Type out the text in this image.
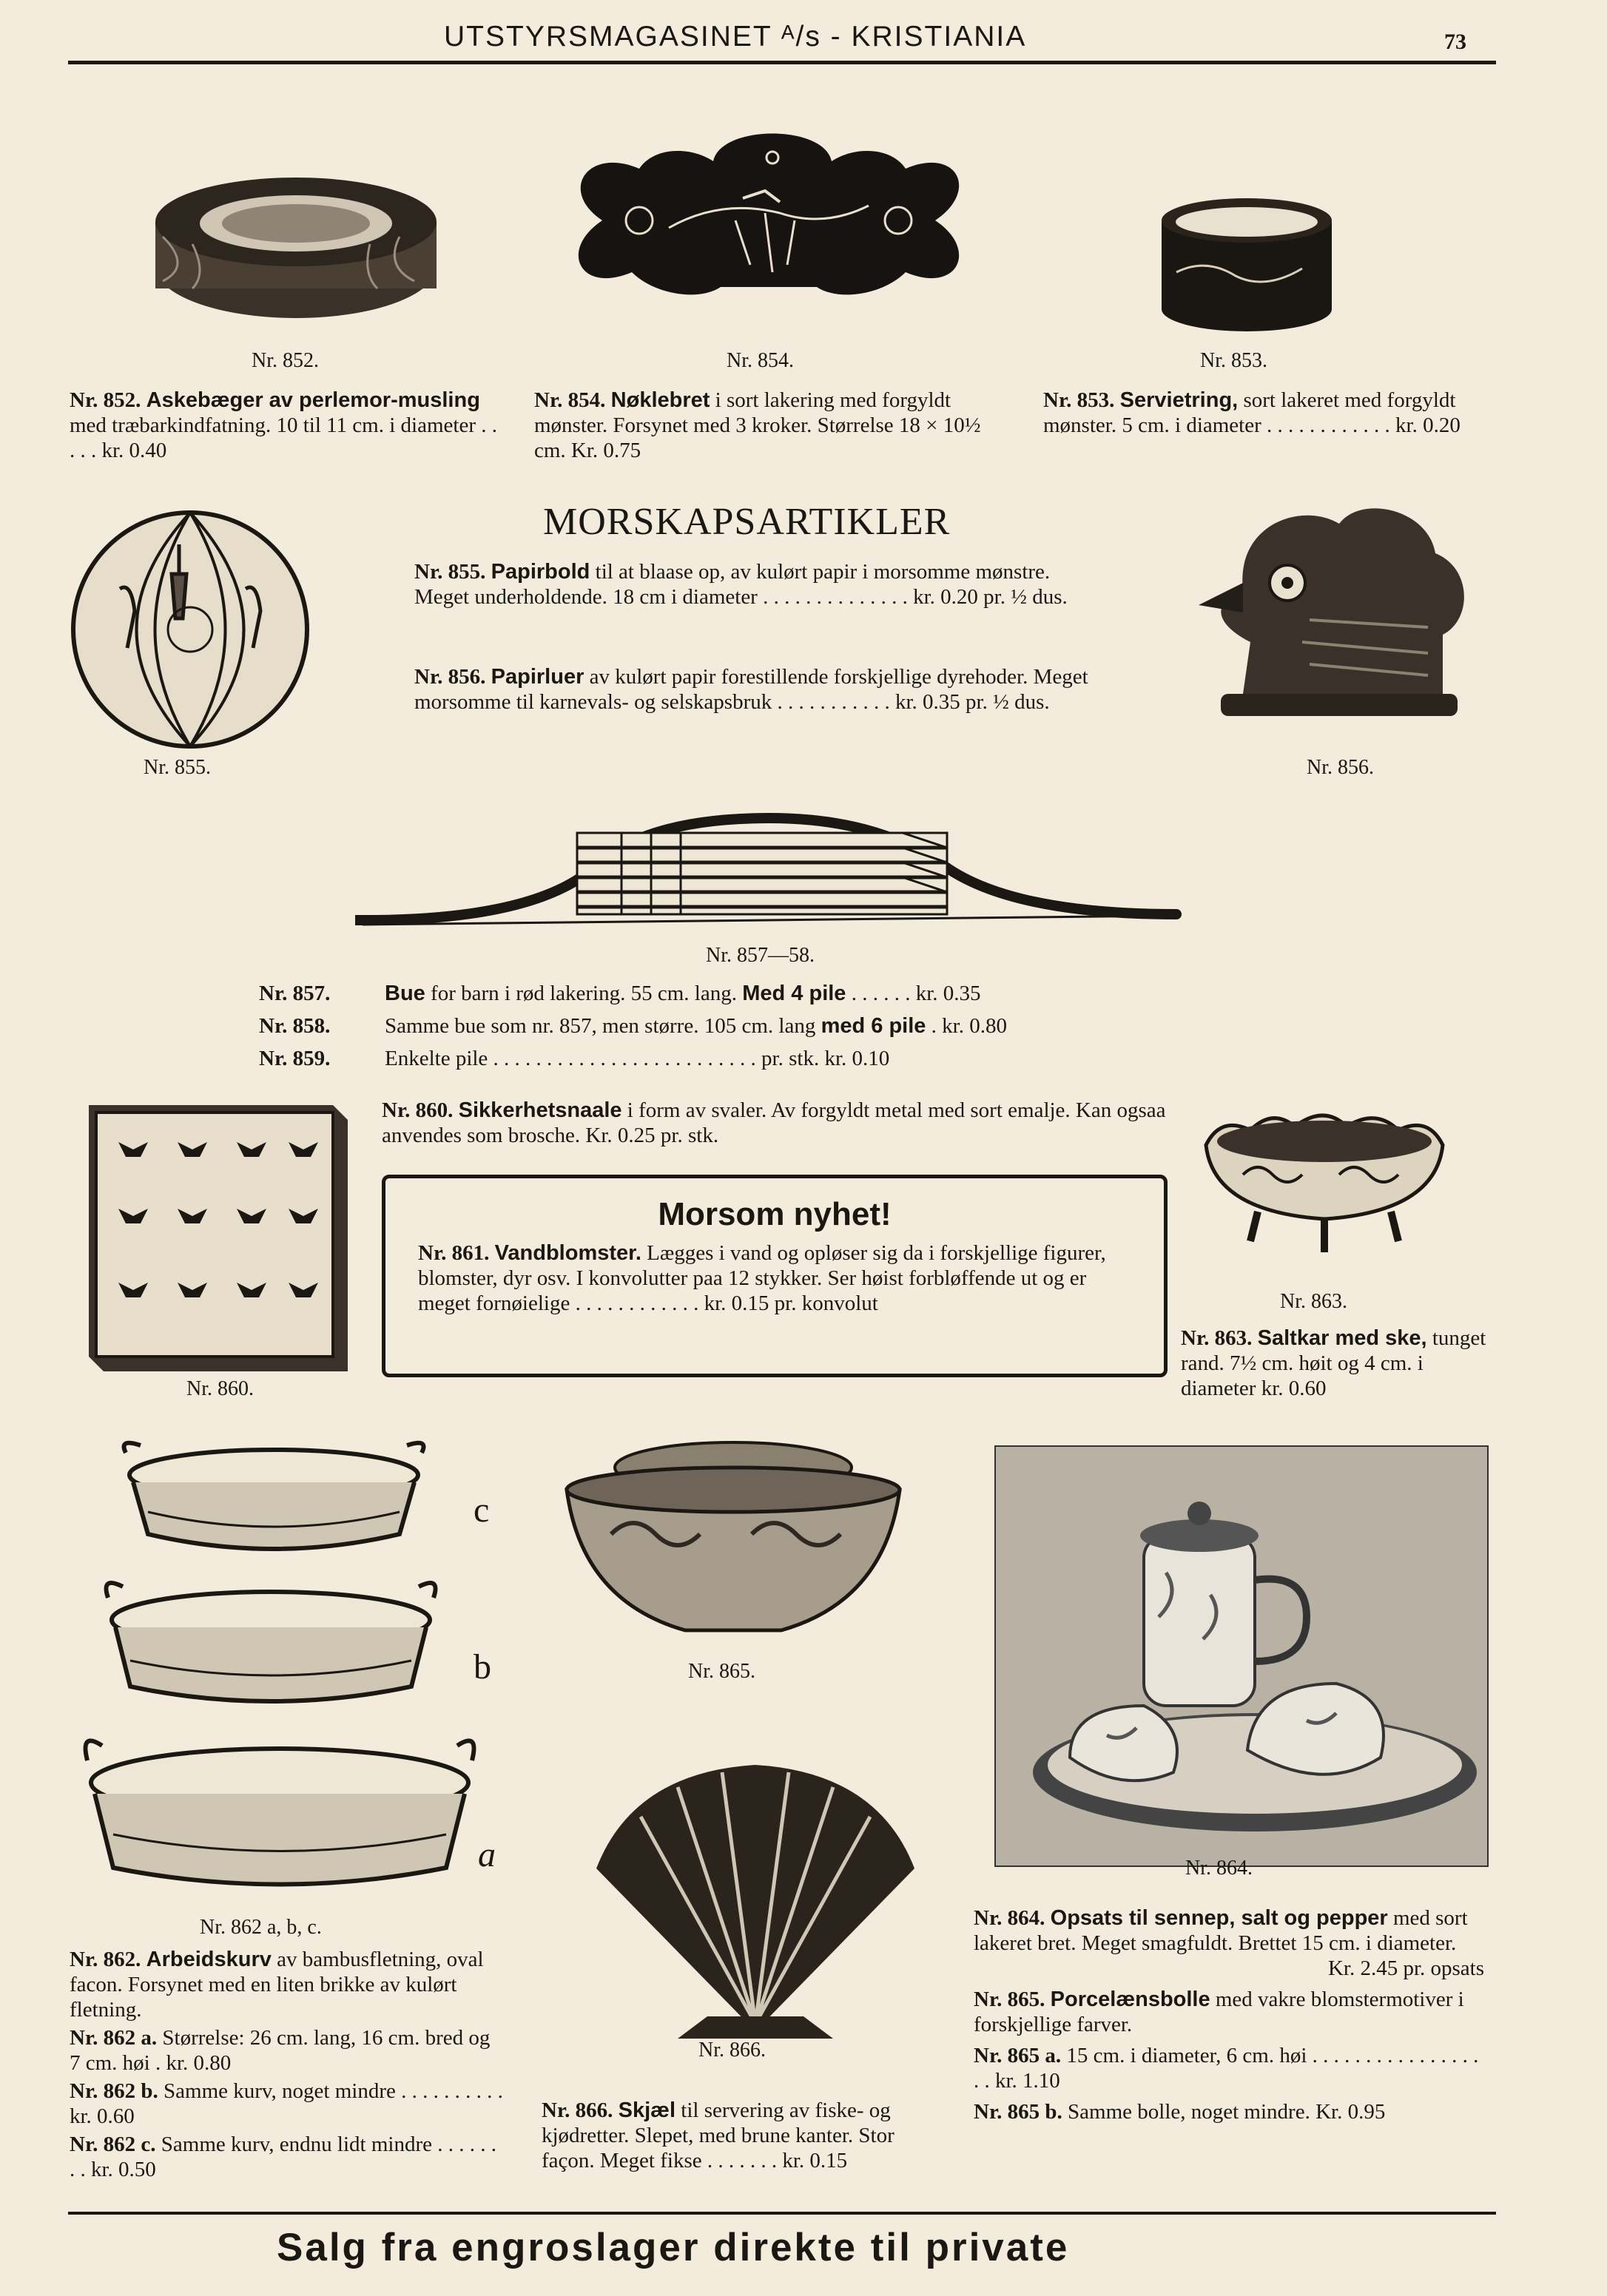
UTSTYRSMAGASINET ᴬ/s - KRISTIANIA	73
Nr. 852.	Nr. 854.	Nr. 853.
Nr. 852. Askebæger av perlemor-musling med træbarkindfatning. 10 til 11 cm. i diameter . . . . . kr. 0.40
Nr. 854. Nøklebret i sort lakering med forgyldt mønster. Forsynet med 3 kroker. Størrelse 18 × 10½ cm. Kr. 0.75
Nr. 853. Servietring, sort lakeret med forgyldt mønster. 5 cm. i diameter . . . . . . . . . . . . kr. 0.20
MORSKAPSARTIKLER
Nr. 855.
Nr. 855. Papirbold til at blaase op, av kulørt papir i morsomme mønstre. Meget underholdende. 18 cm i diameter . . . . . . . . . . . . . . kr. 0.20 pr. ½ dus.
Nr. 856. Papirluer av kulørt papir forestillende forskjellige dyrehoder. Meget morsomme til karnevals- og selskapsbruk . . . . . . . . . . . kr. 0.35 pr. ½ dus.
Nr. 856.
Nr. 857—58.
Nr. 857.	Bue for barn i rød lakering. 55 cm. lang. Med 4 pile . . . . . . kr. 0.35
Nr. 858.	Samme bue som nr. 857, men større. 105 cm. lang med 6 pile . kr. 0.80
Nr. 859.	Enkelte pile . . . . . . . . . . . . . . . . . . . . . . . . . pr. stk. kr. 0.10
Nr. 860.
Nr. 860. Sikkerhetsnaale i form av svaler. Av forgyldt metal med sort emalje. Kan ogsaa anvendes som brosche. Kr. 0.25 pr. stk.
Morsom nyhet!
Nr. 861. Vandblomster. Lægges i vand og opløser sig da i forskjellige figurer, blomster, dyr osv. I konvolutter paa 12 stykker. Ser høist forbløffende ut og er meget fornøielige . . . . . . . . . . . . kr. 0.15 pr. konvolut	Nr. 863.
Nr. 863. Saltkar med ske, tunget rand. 7½ cm. høit og 4 cm. i diameter kr. 0.60
c
b
a
Nr. 862 a, b, c.
Nr. 865.
Nr. 866.
Nr. 864.
Nr. 862. Arbeidskurv av bambusfletning, oval facon. Forsynet med en liten brikke av kulørt fletning.
Nr. 862 a. Størrelse: 26 cm. lang, 16 cm. bred og 7 cm. høi . kr. 0.80
Nr. 862 b. Samme kurv, noget mindre . . . . . . . . . . kr. 0.60
Nr. 862 c. Samme kurv, endnu lidt mindre . . . . . . . . kr. 0.50
Nr. 866. Skjæl til servering av fiske- og kjødretter. Slepet, med brune kanter. Stor façon. Meget fikse . . . . . . . kr. 0.15
Nr. 864. Opsats til sennep, salt og pepper med sort lakeret bret. Meget smagfuldt. Brettet 15 cm. i diameter.
Kr. 2.45 pr. opsats
Nr. 865. Porcelænsbolle med vakre blomstermotiver i forskjellige farver.
Nr. 865 a. 15 cm. i diameter, 6 cm. høi . . . . . . . . . . . . . . . . . . kr. 1.10
Nr. 865 b. Samme bolle, noget mindre. Kr. 0.95
Salg fra engroslager direkte til private
